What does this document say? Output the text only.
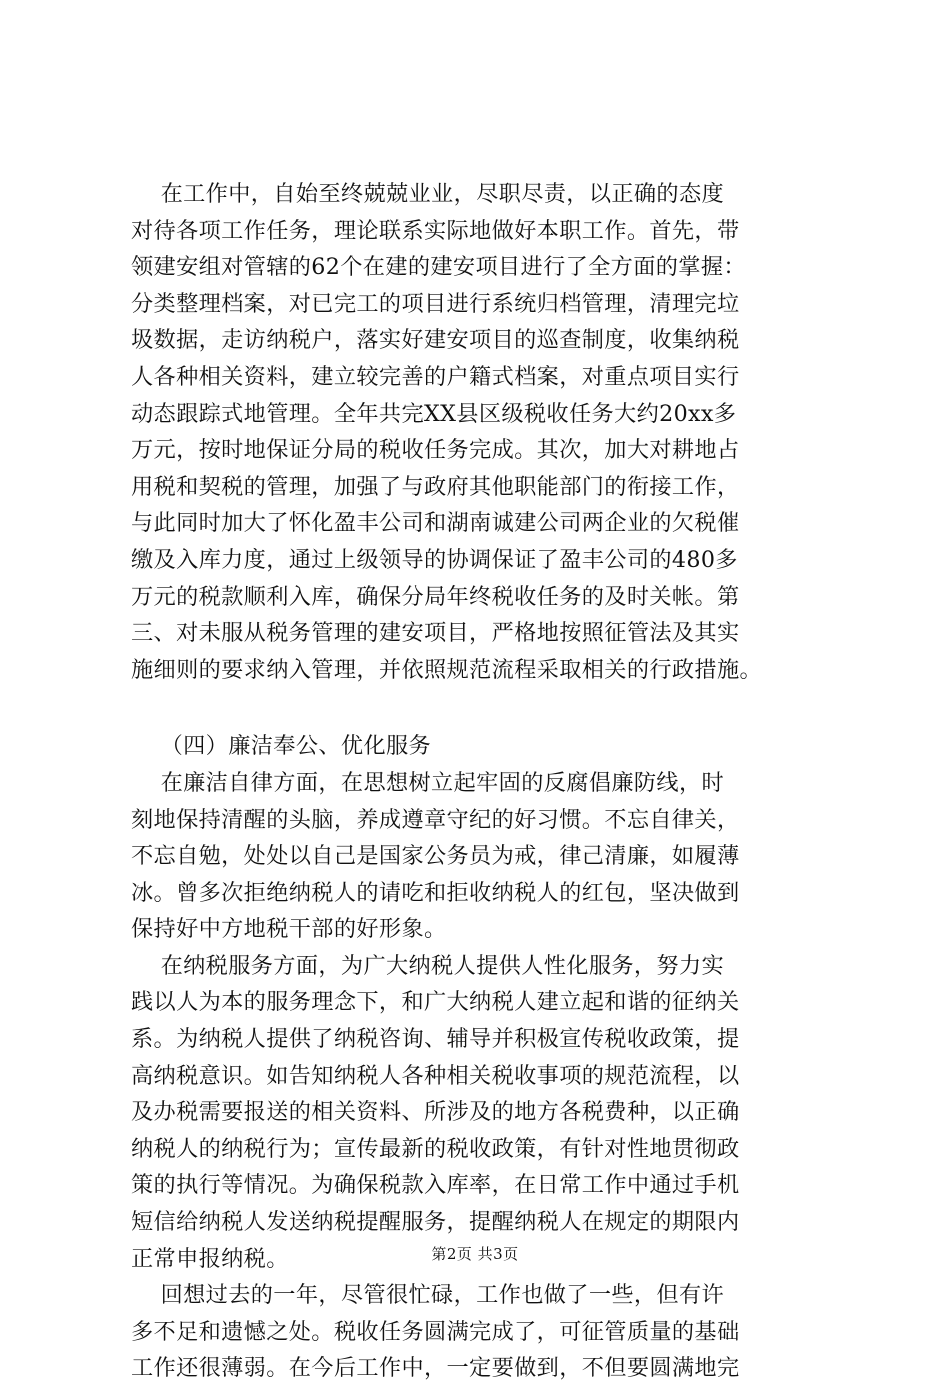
在工作中，自始至终兢兢业业，尽职尽责，以正确的态度
对待各项工作任务，理论联系实际地做好本职工作。首先，带
领建安组对管辖的62个在建的建安项目进行了全方面的掌握：
分类整理档案，对已完工的项目进行系统归档管理，清理完垃
圾数据，走访纳税户，落实好建安项目的巡查制度，收集纳税
人各种相关资料，建立较完善的户籍式档案，对重点项目实行
动态跟踪式地管理。全年共完XX县区级税收任务大约20xx多
万元，按时地保证分局的税收任务完成。其次，加大对耕地占
用税和契税的管理，加强了与政府其他职能部门的衔接工作，
与此同时加大了怀化盈丰公司和湖南诚建公司两企业的欠税催
缴及入库力度，通过上级领导的协调保证了盈丰公司的480多
万元的税款顺利入库，确保分局年终税收任务的及时关帐。第
三、对未服从税务管理的建安项目，严格地按照征管法及其实
施细则的要求纳入管理，并依照规范流程采取相关的行政措施。
（四）廉洁奉公、优化服务
在廉洁自律方面，在思想树立起牢固的反腐倡廉防线，时
刻地保持清醒的头脑，养成遵章守纪的好习惯。不忘自律关，
不忘自勉，处处以自己是国家公务员为戒，律己清廉，如履薄
冰。曾多次拒绝纳税人的请吃和拒收纳税人的红包，坚决做到
保持好中方地税干部的好形象。
在纳税服务方面，为广大纳税人提供人性化服务，努力实
践以人为本的服务理念下，和广大纳税人建立起和谐的征纳关
系。为纳税人提供了纳税咨询、辅导并积极宣传税收政策，提
高纳税意识。如告知纳税人各种相关税收事项的规范流程，以
及办税需要报送的相关资料、所涉及的地方各税费种，以正确
纳税人的纳税行为；宣传最新的税收政策，有针对性地贯彻政
策的执行等情况。为确保税款入库率，在日常工作中通过手机
短信给纳税人发送纳税提醒服务，提醒纳税人在规定的期限内
正常申报纳税。
回想过去的一年，尽管很忙碌，工作也做了一些，但有许
多不足和遗憾之处。税收任务圆满完成了，可征管质量的基础
工作还很薄弱。在今后工作中，一定要做到，不但要圆满地完
第2页 共3页
